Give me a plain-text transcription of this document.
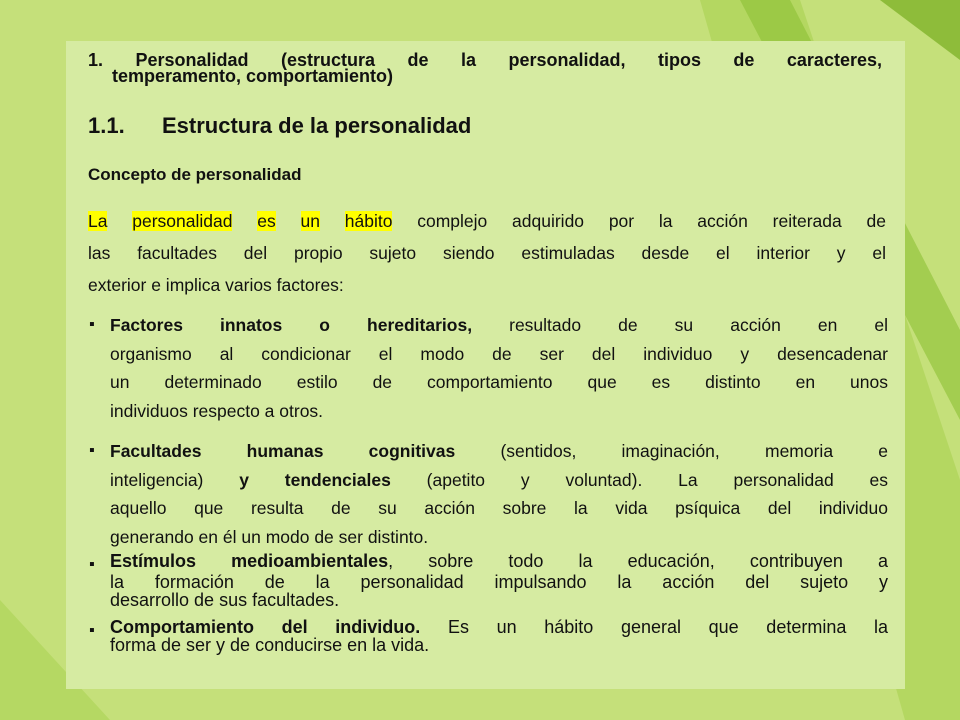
1. Personalidad (estructura de la personalidad, tipos de caracteres,
temperamento, comportamiento)
1.1. Estructura de la personalidad
Concepto de personalidad
La personalidad es un hábito complejo adquirido por la acción reiterada de
las facultades del propio sujeto siendo estimuladas desde el interior y el
exterior e implica varios factores:
▪ Factores innatos o hereditarios, resultado de su acción en el
organismo al condicionar el modo de ser del individuo y desencadenar
un determinado estilo de comportamiento que es distinto en unos
individuos respecto a otros.
▪ Facultades humanas cognitivas (sentidos, imaginación, memoria e
inteligencia) y tendenciales (apetito y voluntad). La personalidad es
aquello que resulta de su acción sobre la vida psíquica del individuo
generando en él un modo de ser distinto.
▪ Estímulos medioambientales, sobre todo la educación, contribuyen a
la formación de la personalidad impulsando la acción del sujeto y
desarrollo de sus facultades.
▪ Comportamiento del individuo. Es un hábito general que determina la
forma de ser y de conducirse en la vida.
